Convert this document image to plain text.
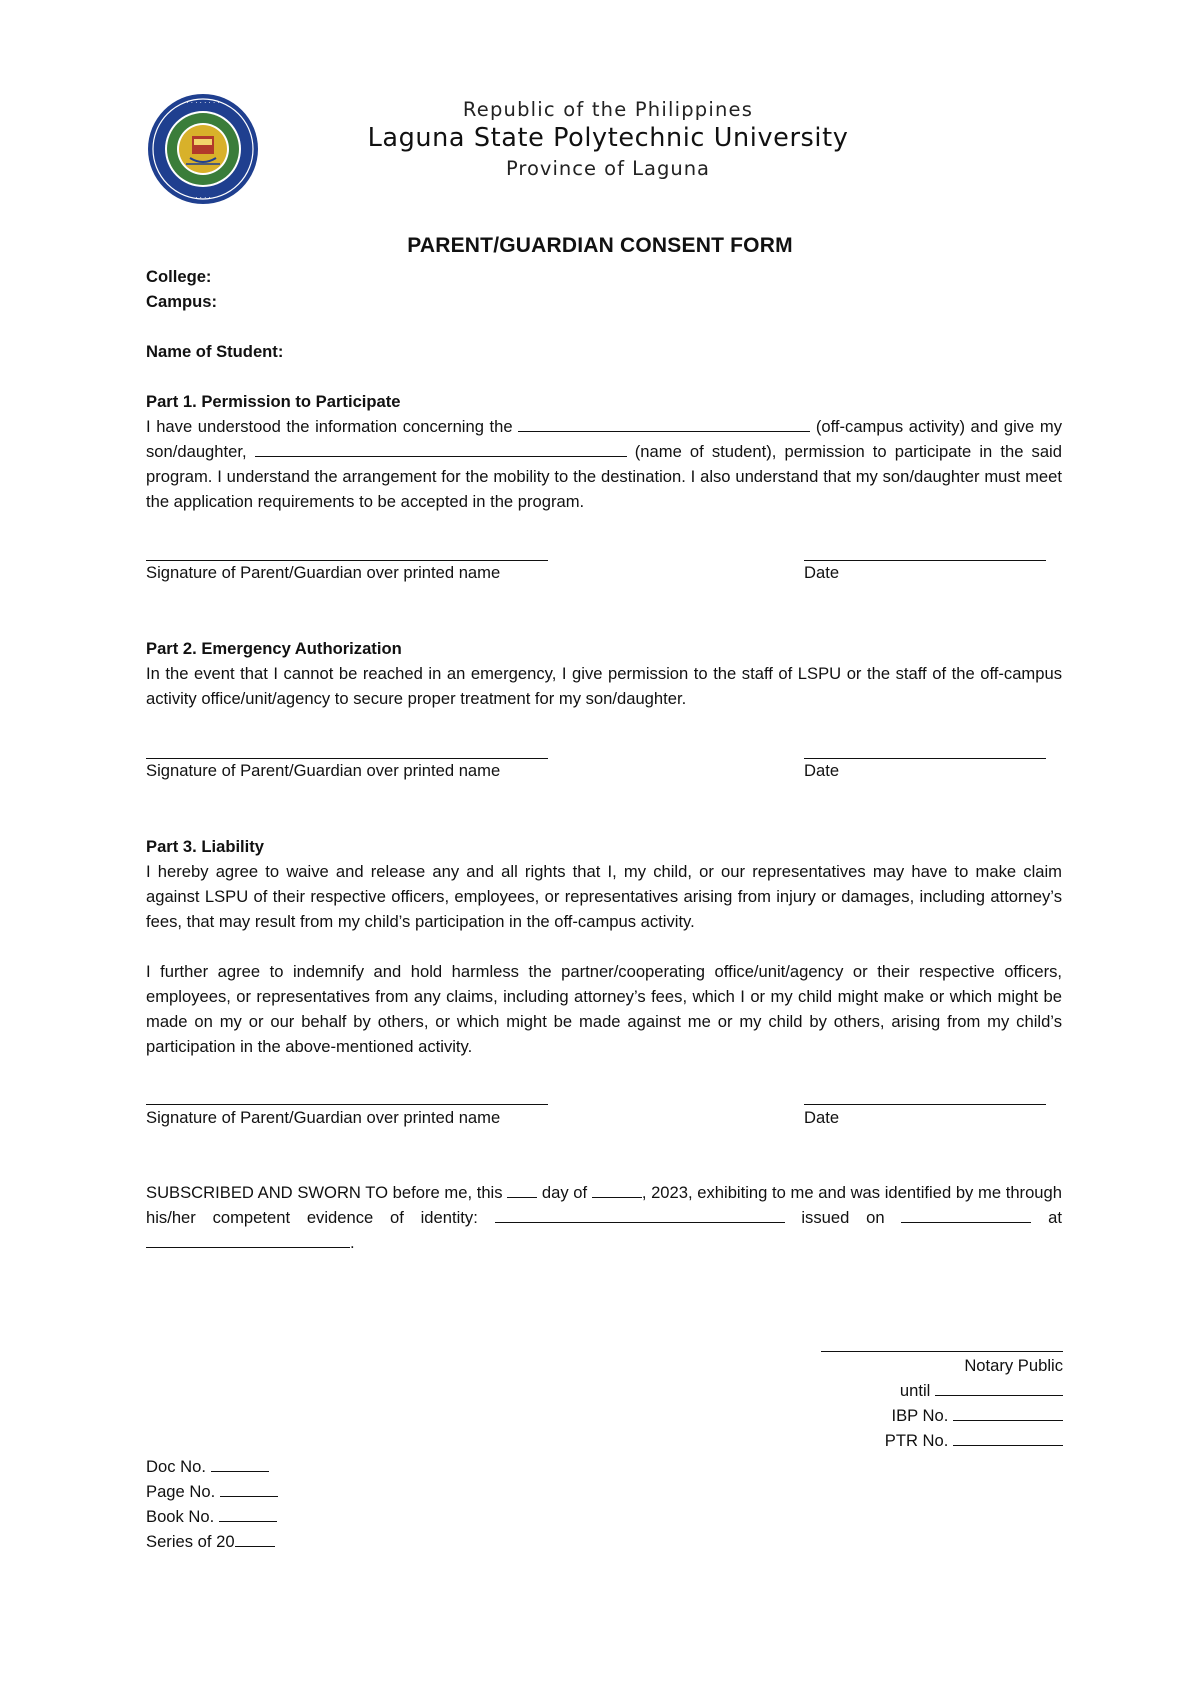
· · · · · · · ·
· · · · · ·
Republic of the Philippines
Laguna State Polytechnic University
Province of Laguna
PARENT/GUARDIAN CONSENT FORM
College:
Campus:
Name of Student:
Part 1. Permission to Participate
I have understood the information concerning the	(off-campus activity) and give my son/daughter,	(name of student), permission to participate in the said program. I understand the arrangement for the mobility to the destination. I also understand that my son/daughter must meet the application requirements to be accepted in the program.
Signature of Parent/Guardian over printed name	Date
Part 2. Emergency Authorization
In the event that I cannot be reached in an emergency, I give permission to the staff of LSPU or the staff of the off-campus activity office/unit/agency to secure proper treatment for my son/daughter.
Signature of Parent/Guardian over printed name	Date
Part 3. Liability
I hereby agree to waive and release any and all rights that I, my child, or our representatives may have to make claim against LSPU of their respective officers, employees, or representatives arising from injury or damages, including attorney’s fees, that may result from my child’s participation in the off-campus activity.
I further agree to indemnify and hold harmless the partner/cooperating office/unit/agency or their respective officers, employees, or representatives from any claims, including attorney’s fees, which I or my child might make or which might be made on my or our behalf by others, or which might be made against me or my child by others, arising from my child’s participation in the above-mentioned activity.
Signature of Parent/Guardian over printed name	Date
SUBSCRIBED AND SWORN TO before me, this day of	, 2023, exhibiting to me and was identified by me through his/her competent evidence of identity:	issued on	at .
Notary Public
until
IBP No.
PTR No.
Doc No.
Page No.
Book No.
Series of 20
